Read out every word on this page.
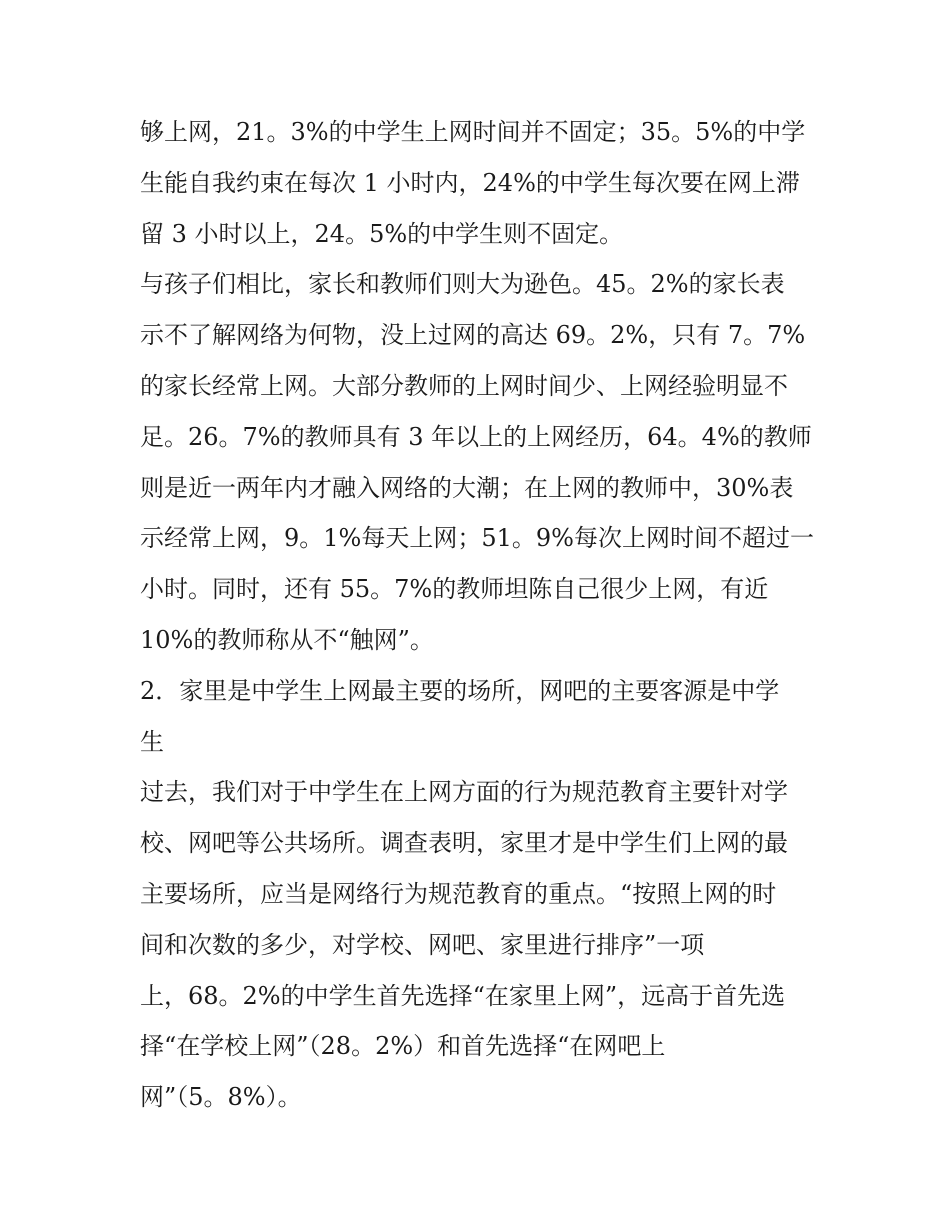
够上网，21。3%的中学生上网时间并不固定；35。5%的中学
生能自我约束在每次 1 小时内，24%的中学生每次要在网上滞
留 3 小时以上，24。5%的中学生则不固定。
与孩子们相比，家长和教师们则大为逊色。45。2%的家长表
示不了解网络为何物，没上过网的高达 69。2%，只有 7。7%
的家长经常上网。大部分教师的上网时间少、上网经验明显不
足。26。7%的教师具有 3 年以上的上网经历，64。4%的教师
则是近一两年内才融入网络的大潮；在上网的教师中，30%表
示经常上网，9。1%每天上网；51。9%每次上网时间不超过一
小时。同时，还有 55。7%的教师坦陈自己很少上网，有近
10%的教师称从不“触网”。
2．家里是中学生上网最主要的场所，网吧的主要客源是中学
生
过去，我们对于中学生在上网方面的行为规范教育主要针对学
校、网吧等公共场所。调查表明，家里才是中学生们上网的最
主要场所，应当是网络行为规范教育的重点。“按照上网的时
间和次数的多少，对学校、网吧、家里进行排序”一项
上，68。2%的中学生首先选择“在家里上网”，远高于首先选
择“在学校上网”（28。2%）和首先选择“在网吧上
网”（5。8%）。
